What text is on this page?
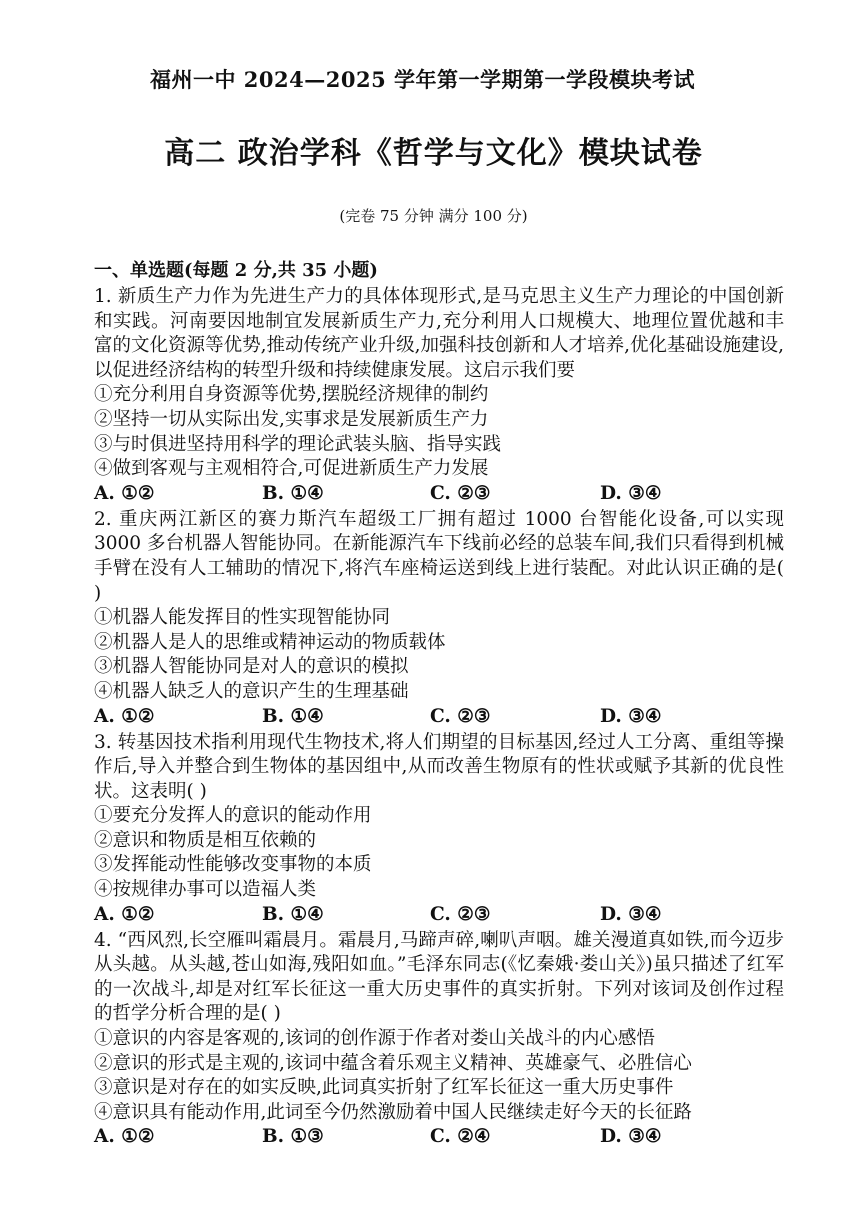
福州一中 2024—2025 学年第一学期第一学段模块考试
高二 政治学科《哲学与文化》模块试卷
(完卷 75 分钟 满分 100 分)
一、单选题(每题 2 分,共 35 小题)
1. 新质生产力作为先进生产力的具体体现形式,是马克思主义生产力理论的中国创新和实践。河南要因地制宜发展新质生产力,充分利用人口规模大、地理位置优越和丰富的文化资源等优势,推动传统产业升级,加强科技创新和人才培养,优化基础设施建设,以促进经济结构的转型升级和持续健康发展。这启示我们要
①充分利用自身资源等优势,摆脱经济规律的制约
②坚持一切从实际出发,实事求是发展新质生产力
③与时俱进坚持用科学的理论武装头脑、指导实践
④做到客观与主观相符合,可促进新质生产力发展
A. ①②	B. ①④	C. ②③	D. ③④
2. 重庆两江新区的赛力斯汽车超级工厂拥有超过 1000 台智能化设备,可以实现 3000 多台机器人智能协同。在新能源汽车下线前必经的总装车间,我们只看得到机械手臂在没有人工辅助的情况下,将汽车座椅运送到线上进行装配。对此认识正确的是( )
①机器人能发挥目的性实现智能协同
②机器人是人的思维或精神运动的物质载体
③机器人智能协同是对人的意识的模拟
④机器人缺乏人的意识产生的生理基础
A. ①②	B. ①④	C. ②③	D. ③④
3. 转基因技术指利用现代生物技术,将人们期望的目标基因,经过人工分离、重组等操作后,导入并整合到生物体的基因组中,从而改善生物原有的性状或赋予其新的优良性状。这表明( )
①要充分发挥人的意识的能动作用
②意识和物质是相互依赖的
③发挥能动性能够改变事物的本质
④按规律办事可以造福人类
A. ①②	B. ①④	C. ②③	D. ③④
4. “西风烈,长空雁叫霜晨月。霜晨月,马蹄声碎,喇叭声咽。雄关漫道真如铁,而今迈步从头越。从头越,苍山如海,残阳如血。”毛泽东同志(《忆秦娥·娄山关》)虽只描述了红军的一次战斗,却是对红军长征这一重大历史事件的真实折射。下列对该词及创作过程的哲学分析合理的是( )
①意识的内容是客观的,该词的创作源于作者对娄山关战斗的内心感悟
②意识的形式是主观的,该词中蕴含着乐观主义精神、英雄豪气、必胜信心
③意识是对存在的如实反映,此词真实折射了红军长征这一重大历史事件
④意识具有能动作用,此词至今仍然激励着中国人民继续走好今天的长征路
A. ①②	B. ①③	C. ②④	D. ③④
